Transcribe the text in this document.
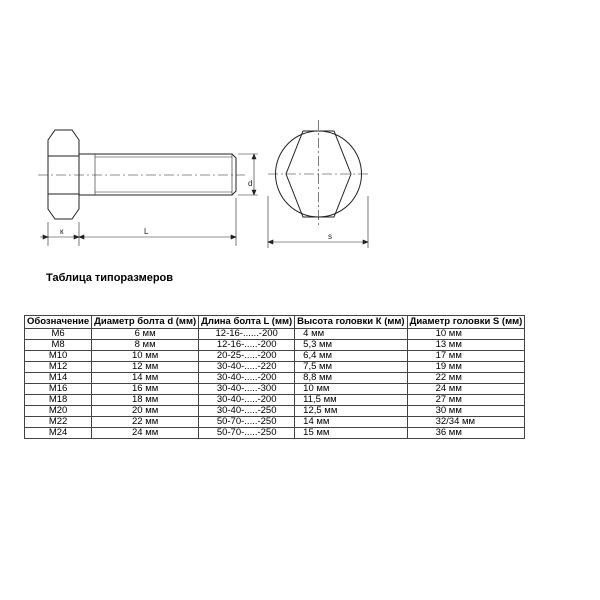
d
к	L
s
Таблица типоразмеров
Обозначение	Диаметр болта d (мм)	Длина болта L (мм)	Высота головки К (мм)	Диаметр головки S (мм)
М6	6 мм	12-16-......-200	4 мм	10 мм
М8	8 мм	12-16-.....-200	5,3 мм	13 мм
М10	10 мм	20-25-.....-200	6,4 мм	17 мм
М12	12 мм	30-40-.....-220	7,5 мм	19 мм
М14	14 мм	30-40-.....-200	8,8 мм	22 мм
М16	16 мм	30-40-.....-300	10 мм	24 мм
М18	18 мм	30-40-.....-200	11,5 мм	27 мм
М20	20 мм	30-40-.....-250	12,5 мм	30 мм
М22	22 мм	50-70-.....-250	14 мм	32/34 мм
М24	24 мм	50-70-.....-250	15 мм	36 мм
